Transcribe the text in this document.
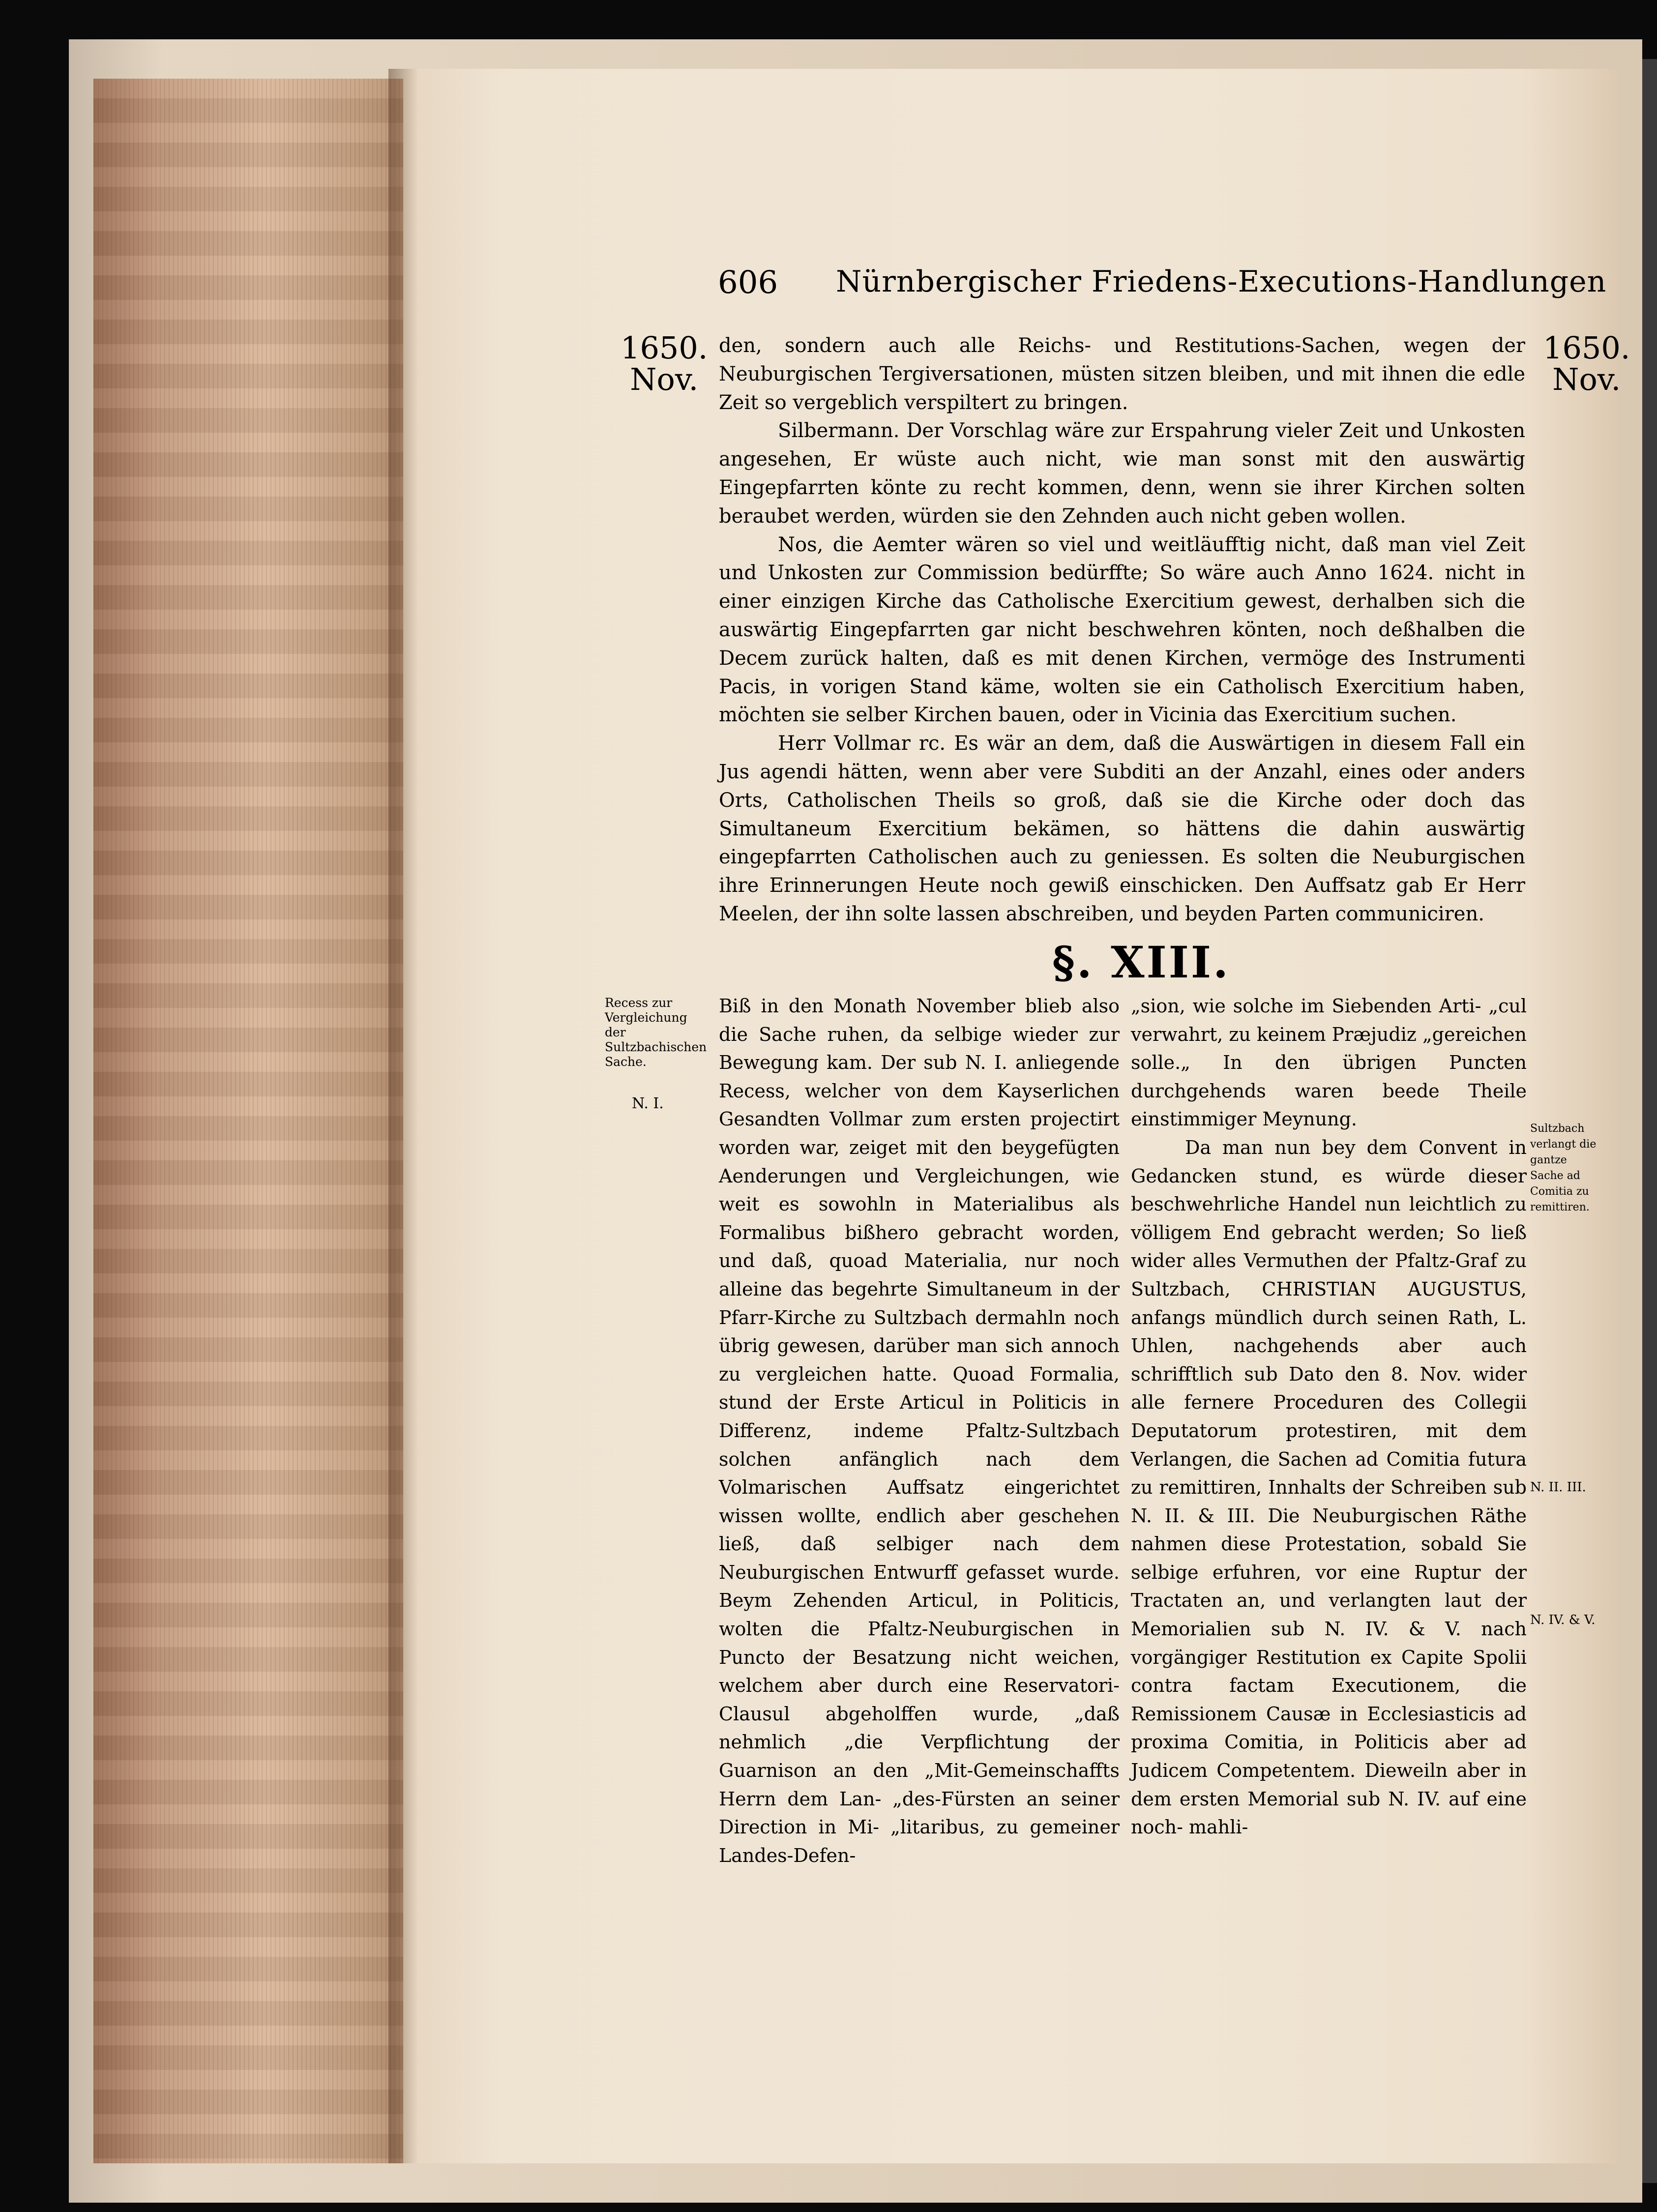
606 Nürnbergischer Friedens-Executions-Handlungen
1650.
Nov.
1650.
Nov.

den, sondern auch alle Reichs- und Restitutions-Sachen, wegen der Neuburgischen Tergiversationen, müsten sitzen bleiben, und mit ihnen die edle Zeit so vergeblich verspiltert zu bringen.

Silbermann. Der Vorschlag wäre zur Erspahrung vieler Zeit und Unkosten angesehen, Er wüste auch nicht, wie man sonst mit den auswärtig Eingepfarrten könte zu recht kommen, denn, wenn sie ihrer Kirchen solten beraubet werden, würden sie den Zehnden auch nicht geben wollen.

Nos, die Aemter wären so viel und weitläufftig nicht, daß man viel Zeit und Unkosten zur Commission bedürffte; So wäre auch Anno 1624. nicht in einer einzigen Kirche das Catholische Exercitium gewest, derhalben sich die auswärtig Eingepfarrten gar nicht beschwehren könten, noch deßhalben die Decem zurück halten, daß es mit denen Kirchen, vermöge des Instrumenti Pacis, in vorigen Stand käme, wolten sie ein Catholisch Exercitium haben, möchten sie selber Kirchen bauen, oder in Vicinia das Exercitium suchen.

Herr Vollmar rc. Es wär an dem, daß die Auswärtigen in diesem Fall ein Jus agendi hätten, wenn aber vere Subditi an der Anzahl, eines oder anders Orts, Catholischen Theils so groß, daß sie die Kirche oder doch das Simultaneum Exercitium bekämen, so hättens die dahin auswärtig eingepfarrten Catholischen auch zu geniessen. Es solten die Neuburgischen ihre Erinnerungen Heute noch gewiß einschicken. Den Auffsatz gab Er Herr Meelen, der ihn solte lassen abschreiben, und beyden Parten communiciren.

§. XIII.
Recess zur Vergleichung der Sultzbachischen Sache.
N. I.

Biß in den Monath November blieb also die Sache ruhen, da selbige wieder zur Bewegung kam. Der sub N. I. anliegende Recess, welcher von dem Kayserlichen Gesandten Vollmar zum ersten projectirt worden war, zeiget mit den beygefügten Aenderungen und Vergleichungen, wie weit es sowohln in Materialibus als Formalibus bißhero gebracht worden, und daß, quoad Materialia, nur noch alleine das begehrte Simultaneum in der Pfarr-Kirche zu Sultzbach dermahln noch übrig gewesen, darüber man sich annoch zu vergleichen hatte. Quoad Formalia, stund der Erste Articul in Politicis in Differenz, indeme Pfaltz-Sultzbach solchen anfänglich nach dem Volmarischen Auffsatz eingerichtet wissen wollte, endlich aber geschehen ließ, daß selbiger nach dem Neuburgischen Entwurff gefasset wurde. Beym Zehenden Articul, in Politicis, wolten die Pfaltz-Neuburgischen in Puncto der Besatzung nicht weichen, welchem aber durch eine Reservatori-Clausul abgeholffen wurde, „daß nehmlich „die Verpflichtung der Guarnison an den „Mit-Gemeinschaffts Herrn dem Lan- „des-Fürsten an seiner Direction in Mi- „litaribus, zu gemeiner Landes-Defen-

„sion, wie solche im Siebenden Arti- „cul verwahrt, zu keinem Præjudiz „gereichen solle.„ In den übrigen Puncten durchgehends waren beede Theile einstimmiger Meynung.

Da man nun bey dem Convent in Gedancken stund, es würde dieser beschwehrliche Handel nun leichtlich zu völligem End gebracht werden; So ließ wider alles Vermuthen der Pfaltz-Graf zu Sultzbach, CHRISTIAN AUGUSTUS, anfangs mündlich durch seinen Rath, L. Uhlen, nachgehends aber auch schrifftlich sub Dato den 8. Nov. wider alle fernere Proceduren des Collegii Deputatorum protestiren, mit dem Verlangen, die Sachen ad Comitia futura zu remittiren, Innhalts der Schreiben sub N. II. & III. Die Neuburgischen Räthe nahmen diese Protestation, sobald Sie selbige erfuhren, vor eine Ruptur der Tractaten an, und verlangten laut der Memorialien sub N. IV. & V. nach vorgängiger Restitution ex Capite Spolii contra factam Executionem, die Remissionem Causæ in Ecclesiasticis ad proxima Comitia, in Politicis aber ad Judicem Competentem. Dieweiln aber in dem ersten Memorial sub N. IV. auf eine noch- mahli-

Sultzbach verlangt die gantze Sache ad Comitia zu remittiren.
N. II. III.
N. IV. & V.
